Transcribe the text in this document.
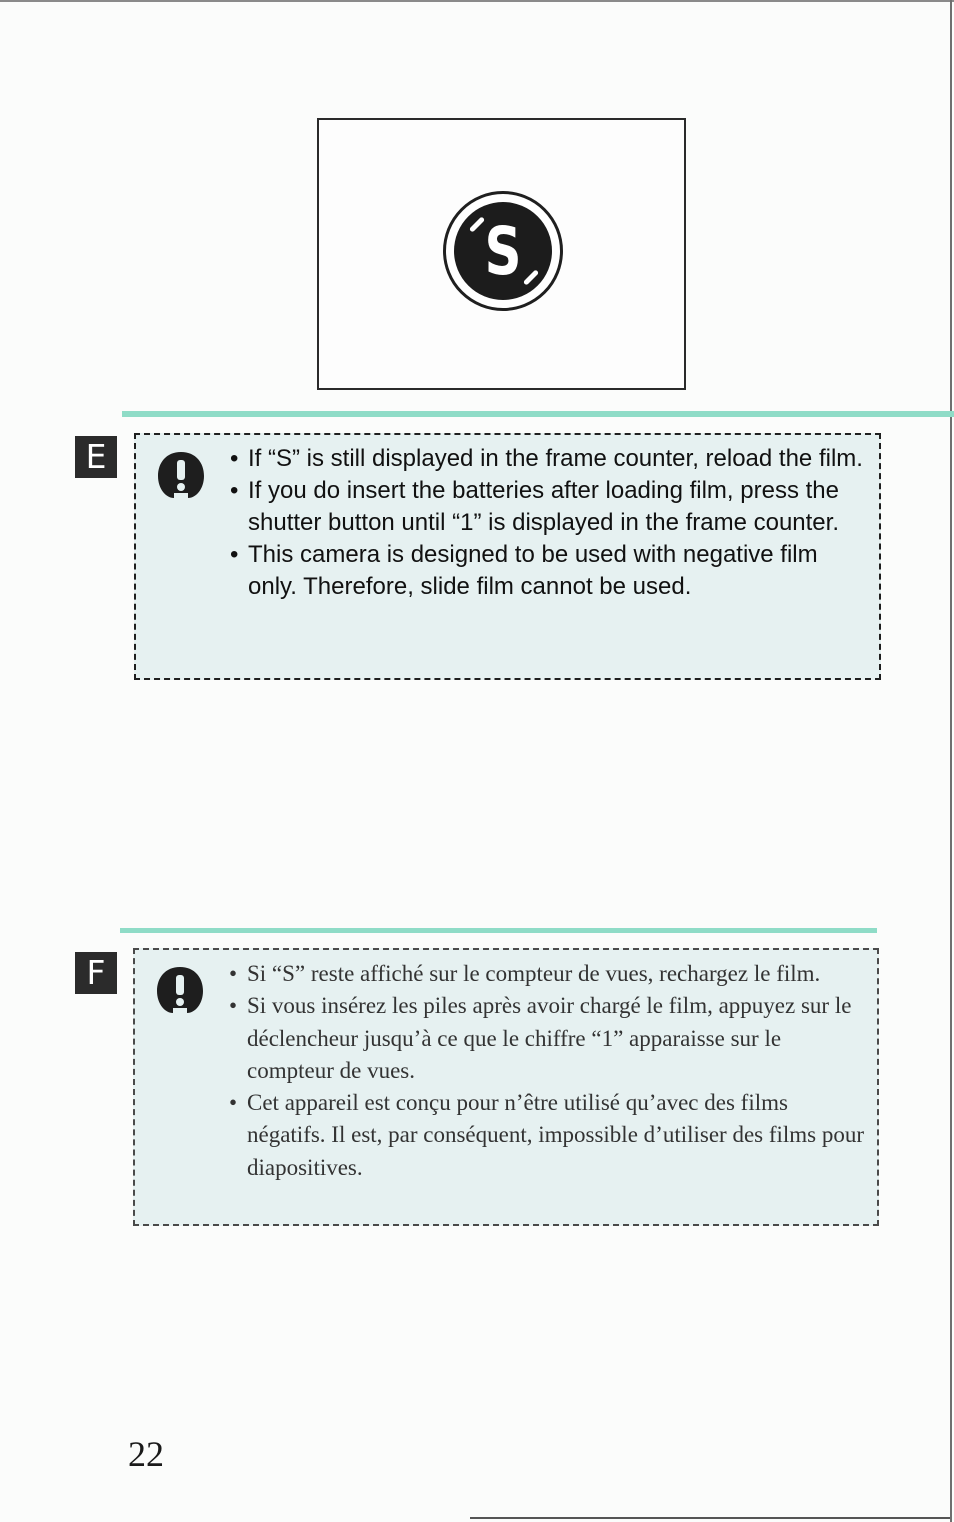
S
E	• If “S” is still displayed in the frame counter, reload the film.
• If you do insert the batteries after loading film, press the shutter button until “1” is displayed in the frame counter.
• This camera is designed to be used with negative film only. Therefore, slide film cannot be used.
F	• Si “S” reste affiché sur le compteur de vues, rechargez le film.
• Si vous insérez les piles après avoir chargé le film, appuyez sur le déclencheur jusqu’à ce que le chiffre “1” apparaisse sur le compteur de vues.
• Cet appareil est conçu pour n’être utilisé qu’avec des films négatifs. Il est, par conséquent, impossible d’utiliser des films pour diapositives.
22
